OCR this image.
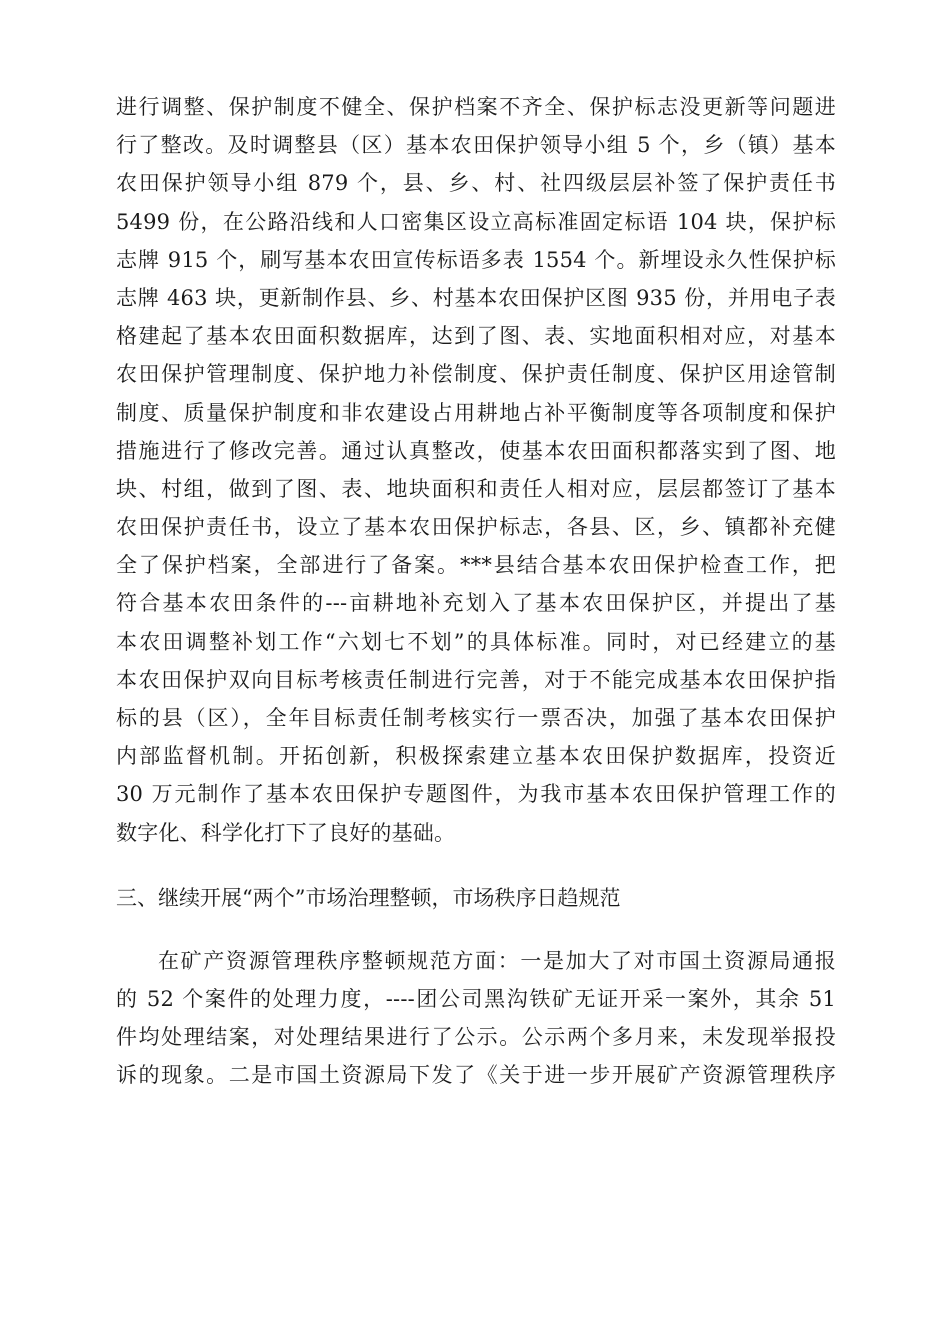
进行调整、保护制度不健全、保护档案不齐全、保护标志没更新等问题进
行了整改。及时调整县（区）基本农田保护领导小组 5 个，乡（镇）基本
农田保护领导小组 879 个，县、乡、村、社四级层层补签了保护责任书
5499 份，在公路沿线和人口密集区设立高标准固定标语 104 块，保护标
志牌 915 个，刷写基本农田宣传标语多表 1554 个。新埋设永久性保护标
志牌 463 块，更新制作县、乡、村基本农田保护区图 935 份，并用电子表
格建起了基本农田面积数据库，达到了图、表、实地面积相对应，对基本
农田保护管理制度、保护地力补偿制度、保护责任制度、保护区用途管制
制度、质量保护制度和非农建设占用耕地占补平衡制度等各项制度和保护
措施进行了修改完善。通过认真整改，使基本农田面积都落实到了图、地
块、村组，做到了图、表、地块面积和责任人相对应，层层都签订了基本
农田保护责任书，设立了基本农田保护标志，各县、区，乡、镇都补充健
全了保护档案，全部进行了备案。***县结合基本农田保护检查工作，把
符合基本农田条件的---亩耕地补充划入了基本农田保护区，并提出了基
本农田调整补划工作“六划七不划”的具体标准。同时，对已经建立的基
本农田保护双向目标考核责任制进行完善，对于不能完成基本农田保护指
标的县（区），全年目标责任制考核实行一票否决，加强了基本农田保护
内部监督机制。开拓创新，积极探索建立基本农田保护数据库，投资近
30 万元制作了基本农田保护专题图件，为我市基本农田保护管理工作的
数字化、科学化打下了良好的基础。
三、继续开展“两个”市场治理整顿，市场秩序日趋规范
在矿产资源管理秩序整顿规范方面：一是加大了对市国土资源局通报
的 52 个案件的处理力度，----团公司黑沟铁矿无证开采一案外，其余 51
件均处理结案，对处理结果进行了公示。公示两个多月来，未发现举报投
诉的现象。二是市国土资源局下发了《关于进一步开展矿产资源管理秩序
